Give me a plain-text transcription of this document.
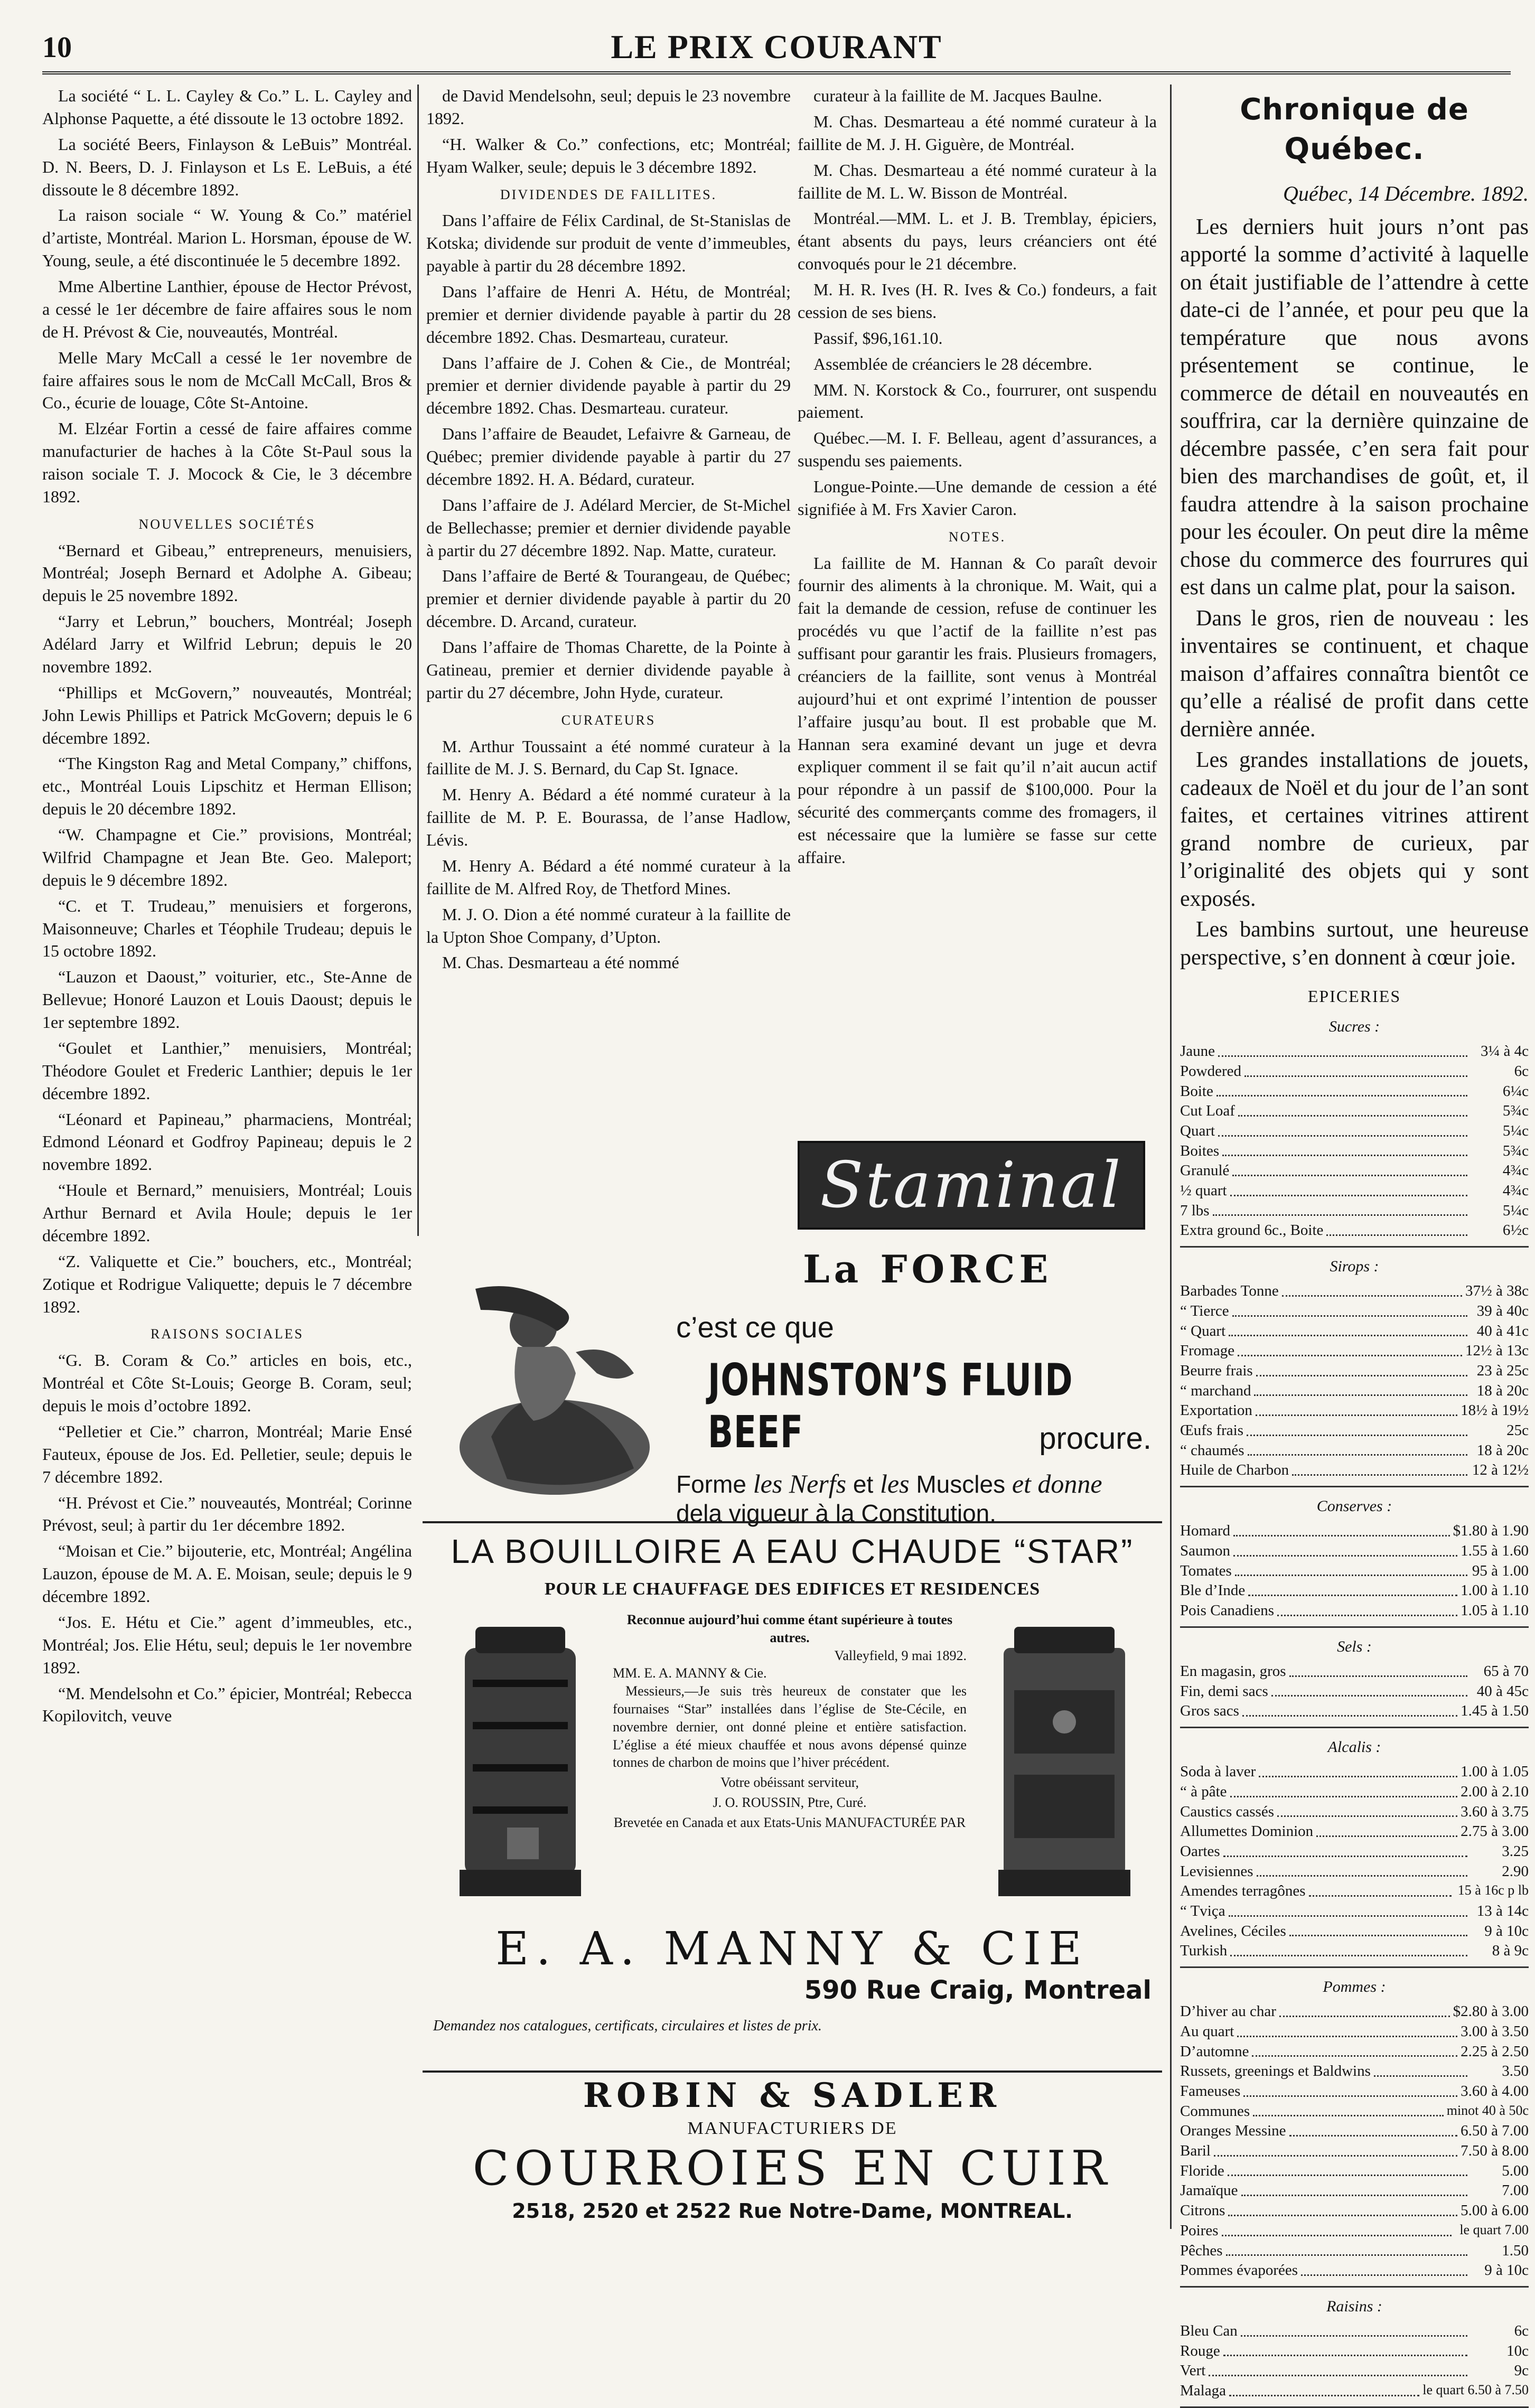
10	LE PRIX COURANT

La société “ L. L. Cayley & Co.” L. L. Cayley and Alphonse Paquette, a été dissoute le 13 octobre 1892.

La société Beers, Finlayson & LeBuis” Montréal. D. N. Beers, D. J. Finlayson et Ls E. LeBuis, a été dissoute le 8 décembre 1892.

La raison sociale “ W. Young & Co.” matériel d’artiste, Montréal. Marion L. Horsman, épouse de W. Young, seule, a été discontinuée le 5 decembre 1892.

Mme Albertine Lanthier, épouse de Hector Prévost, a cessé le 1er décembre de faire affaires sous le nom de H. Prévost & Cie, nouveautés, Montréal.

Melle Mary McCall a cessé le 1er novembre de faire affaires sous le nom de McCall McCall, Bros & Co., écurie de louage, Côte St-Antoine.

M. Elzéar Fortin a cessé de faire affaires comme manufacturier de haches à la Côte St-Paul sous la raison sociale T. J. Mocock & Cie, le 3 décembre 1892.

NOUVELLES SOCIÉTÉS

“Bernard et Gibeau,” entrepreneurs, menuisiers, Montréal; Joseph Bernard et Adolphe A. Gibeau; depuis le 25 novembre 1892.

“Jarry et Lebrun,” bouchers, Montréal; Joseph Adélard Jarry et Wilfrid Lebrun; depuis le 20 novembre 1892.

“Phillips et McGovern,” nouveautés, Montréal; John Lewis Phillips et Patrick McGovern; depuis le 6 décembre 1892.

“The Kingston Rag and Metal Company,” chiffons, etc., Montréal Louis Lipschitz et Herman Ellison; depuis le 20 décembre 1892.

“W. Champagne et Cie.” provisions, Montréal; Wilfrid Champagne et Jean Bte. Geo. Maleport; depuis le 9 décembre 1892.

“C. et T. Trudeau,” menuisiers et forgerons, Maisonneuve; Charles et Téophile Trudeau; depuis le 15 octobre 1892.

“Lauzon et Daoust,” voiturier, etc., Ste-Anne de Bellevue; Honoré Lauzon et Louis Daoust; depuis le 1er septembre 1892.

“Goulet et Lanthier,” menuisiers, Montréal; Théodore Goulet et Frederic Lanthier; depuis le 1er décembre 1892.

“Léonard et Papineau,” pharmaciens, Montréal; Edmond Léonard et Godfroy Papineau; depuis le 2 novembre 1892.

“Houle et Bernard,” menuisiers, Montréal; Louis Arthur Bernard et Avila Houle; depuis le 1er décembre 1892.

“Z. Valiquette et Cie.” bouchers, etc., Montréal; Zotique et Rodrigue Valiquette; depuis le 7 décembre 1892.

RAISONS SOCIALES

“G. B. Coram & Co.” articles en bois, etc., Montréal et Côte St-Louis; George B. Coram, seul; depuis le mois d’octobre 1892.

“Pelletier et Cie.” charron, Montréal; Marie Ensé Fauteux, épouse de Jos. Ed. Pelletier, seule; depuis le 7 décembre 1892.

“H. Prévost et Cie.” nouveautés, Montréal; Corinne Prévost, seul; à partir du 1er décembre 1892.

“Moisan et Cie.” bijouterie, etc, Montréal; Angélina Lauzon, épouse de M. A. E. Moisan, seule; depuis le 9 décembre 1892.

“Jos. E. Hétu et Cie.” agent d’immeubles, etc., Montréal; Jos. Elie Hétu, seul; depuis le 1er novembre 1892.

“M. Mendelsohn et Co.” épicier, Montréal; Rebecca Kopilovitch, veuve

de David Mendelsohn, seul; depuis le 23 novembre 1892.

“H. Walker & Co.” confections, etc; Montréal; Hyam Walker, seule; depuis le 3 décembre 1892.

DIVIDENDES DE FAILLITES.

Dans l’affaire de Félix Cardinal, de St-Stanislas de Kotska; dividende sur produit de vente d’immeubles, payable à partir du 28 décembre 1892.

Dans l’affaire de Henri A. Hétu, de Montréal; premier et dernier dividende payable à partir du 28 décembre 1892. Chas. Desmarteau, curateur.

Dans l’affaire de J. Cohen & Cie., de Montréal; premier et dernier dividende payable à partir du 29 décembre 1892. Chas. Desmarteau. curateur.

Dans l’affaire de Beaudet, Lefaivre & Garneau, de Québec; premier dividende payable à partir du 27 décembre 1892. H. A. Bédard, curateur.

Dans l’affaire de J. Adélard Mercier, de St-Michel de Bellechasse; premier et dernier dividende payable à partir du 27 décembre 1892. Nap. Matte, curateur.

Dans l’affaire de Berté & Tourangeau, de Québec; premier et dernier dividende payable à partir du 20 décembre. D. Arcand, curateur.

Dans l’affaire de Thomas Charette, de la Pointe à Gatineau, premier et dernier dividende payable à partir du 27 décembre, John Hyde, curateur.

CURATEURS

M. Arthur Toussaint a été nommé curateur à la faillite de M. J. S. Bernard, du Cap St. Ignace.

M. Henry A. Bédard a été nommé curateur à la faillite de M. P. E. Bourassa, de l’anse Hadlow, Lévis.

M. Henry A. Bédard a été nommé curateur à la faillite de M. Alfred Roy, de Thetford Mines.

M. J. O. Dion a été nommé curateur à la faillite de la Upton Shoe Company, d’Upton.

M. Chas. Desmarteau a été nommé

curateur à la faillite de M. Jacques Baulne.

M. Chas. Desmarteau a été nommé curateur à la faillite de M. J. H. Giguère, de Montréal.

M. Chas. Desmarteau a été nommé curateur à la faillite de M. L. W. Bisson de Montréal.

Montréal.—MM. L. et J. B. Tremblay, épiciers, étant absents du pays, leurs créanciers ont été convoqués pour le 21 décembre.

M. H. R. Ives (H. R. Ives & Co.) fondeurs, a fait cession de ses biens.

Passif, $96,161.10.

Assemblée de créanciers le 28 décembre.

MM. N. Korstock & Co., fourrurer, ont suspendu paiement.

Québec.—M. I. F. Belleau, agent d’assurances, a suspendu ses paiements.

Longue-Pointe.—Une demande de cession a été signifiée à M. Frs Xavier Caron.

NOTES.

La faillite de M. Hannan & Co paraît devoir fournir des aliments à la chronique. M. Wait, qui a fait la demande de cession, refuse de continuer les procédés vu que l’actif de la faillite n’est pas suffisant pour garantir les frais. Plusieurs fromagers, créanciers de la faillite, sont venus à Montréal aujourd’hui et ont exprimé l’intention de pousser l’affaire jusqu’au bout. Il est probable que M. Hannan sera examiné devant un juge et devra expliquer comment il se fait qu’il n’ait aucun actif pour répondre à un passif de $100,000. Pour la sécurité des commerçants comme des fromagers, il est nécessaire que la lumière se fasse sur cette affaire.

Chronique de Québec.
Québec, 14 Décembre. 1892.

Les derniers huit jours n’ont pas apporté la somme d’activité à laquelle on était justifiable de l’attendre à cette date-ci de l’année, et pour peu que la température que nous avons présentement se continue, le commerce de détail en nouveautés en souffrira, car la dernière quinzaine de décembre passée, c’en sera fait pour bien des marchandises de goût, et, il faudra attendre à la saison prochaine pour les écouler. On peut dire la même chose du commerce des fourrures qui est dans un calme plat, pour la saison.

Dans le gros, rien de nouveau : les inventaires se continuent, et chaque maison d’affaires connaîtra bientôt ce qu’elle a réalisé de profit dans cette dernière année.

Les grandes installations de jouets, cadeaux de Noël et du jour de l’an sont faites, et certaines vitrines attirent grand nombre de curieux, par l’originalité des objets qui y sont exposés.

Les bambins surtout, une heureuse perspective, s’en donnent à cœur joie.

EPICERIES
Sucres :
Jaune	3¼ à 4c
Powdered	6c
Boite	6¼c
Cut Loaf	5¾c
Quart	5¼c
Boites	5¾c
Granulé	4¾c
½ quart	4¾c
7 lbs	5¼c
Extra ground 6c., Boite	6½c
Sirops :
Barbades Tonne	37½ à 38c
“ Tierce	39 à 40c
“ Quart	40 à 41c
Fromage	12½ à 13c
Beurre frais	23 à 25c
“ marchand	18 à 20c
Exportation	18½ à 19½
Œufs frais	25c
“ chaumés	18 à 20c
Huile de Charbon	12 à 12½
Conserves :
Homard	$1.80 à 1.90
Saumon	1.55 à 1.60
Tomates	95 à 1.00
Ble d’Inde	1.00 à 1.10
Pois Canadiens	1.05 à 1.10
Sels :
En magasin, gros	65 à 70
Fin, demi sacs	40 à 45c
Gros sacs	1.45 à 1.50
Alcalis :
Soda à laver	1.00 à 1.05
“ à pâte	2.00 à 2.10
Caustics cassés	3.60 à 3.75
Allumettes Dominion	2.75 à 3.00
Oartes	3.25
Levisiennes	2.90
Amendes terragônes	15 à 16c p lb
“ Tviça	13 à 14c
Avelines, Céciles	9 à 10c
Turkish	8 à 9c
Pommes :
D’hiver au char	$2.80 à 3.00
Au quart	3.00 à 3.50
D’automne	2.25 à 2.50
Russets, greenings et Baldwins	3.50
Fameuses	3.60 à 4.00
Communes	minot 40 à 50c
Oranges Messine	6.50 à 7.00
Baril	7.50 à 8.00
Floride	5.00
Jamaïque	7.00
Citrons	5.00 à 6.00
Poires	le quart 7.00
Pêches	1.50
Pommes évaporées	9 à 10c
Raisins :
Bleu Can	6c
Rouge	10c
Vert	9c
Malaga	le quart 6.50 à 7.50
Staminal
La FORCE
c’est ce que
JOHNSTON’S FLUID BEEF	procure.
Forme les Nerfs et les Muscles et donne
dela vigueur à la Constitution.
LA BOUILLOIRE A EAU CHAUDE “STAR”
POUR LE CHAUFFAGE DES EDIFICES ET RESIDENCES
Reconnue aujourd’hui comme étant supérieure à toutes autres.
Valleyfield, 9 mai 1892.
MM. E. A. MANNY & Cie.

Messieurs,—Je suis très heureux de constater que les fournaises “Star” installées dans l’église de Ste-Cécile, en novembre dernier, ont donné pleine et entière satisfaction. L’église a été mieux chauffée et nous avons dépensé quinze tonnes de charbon de moins que l’hiver précédent.

Votre obéissant serviteur,

J. O. ROUSSIN, Ptre, Curé.

Brevetée en Canada et aux Etats-Unis MANUFACTURÉE PAR

E. A. MANNY & CIE
590 Rue Craig, Montreal
Demandez nos catalogues, certificats, circulaires et listes de prix.
ROBIN & SADLER
MANUFACTURIERS DE
COURROIES EN CUIR
2518, 2520 et 2522 Rue Notre-Dame, MONTREAL.
